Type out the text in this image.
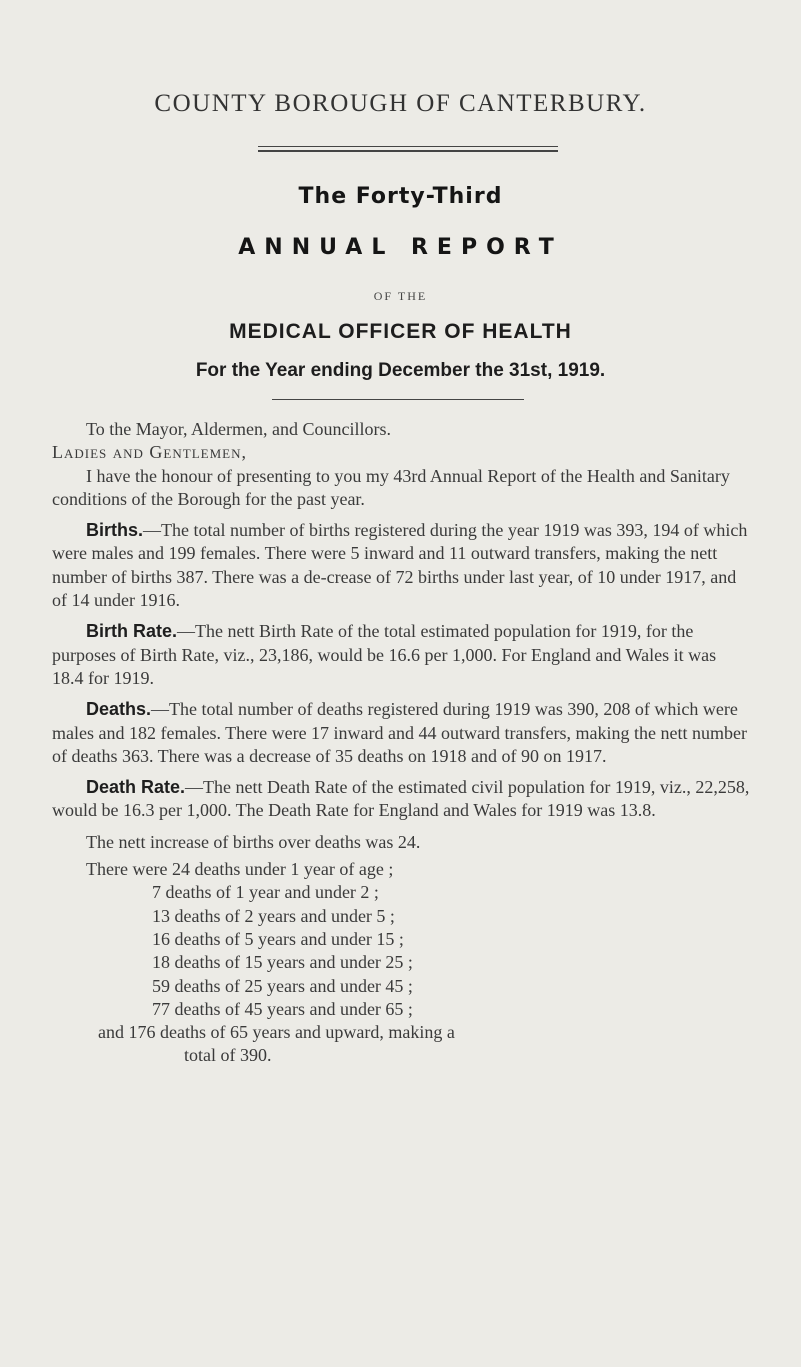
COUNTY BOROUGH OF CANTERBURY.
The Forty-Third
ANNUAL REPORT
OF THE
MEDICAL OFFICER OF HEALTH
For the Year ending December the 31st, 1919.

To the Mayor, Aldermen, and Councillors.

Ladies and Gentlemen,

I have the honour of presenting to you my 43rd Annual Report of the Health and Sanitary conditions of the Borough for the past year.

Births.—The total number of births registered during the year 1919 was 393, 194 of which were males and 199 females. There were 5 inward and 11 outward transfers, making the nett number of births 387. There was a de-crease of 72 births under last year, of 10 under 1917, and of 14 under 1916.

Birth Rate.—The nett Birth Rate of the total estimated population for 1919, for the purposes of Birth Rate, viz., 23,186, would be 16.6 per 1,000. For England and Wales it was 18.4 for 1919.

Deaths.—The total number of deaths registered during 1919 was 390, 208 of which were males and 182 females. There were 17 inward and 44 outward transfers, making the nett number of deaths 363. There was a decrease of 35 deaths on 1918 and of 90 on 1917.

Death Rate.—The nett Death Rate of the estimated civil population for 1919, viz., 22,258, would be 16.3 per 1,000. The Death Rate for England and Wales for 1919 was 13.8.

The nett increase of births over deaths was 24.

There were 24 deaths under 1 year of age ;

7 deaths of 1 year and under 2 ;
13 deaths of 2 years and under 5 ;
16 deaths of 5 years and under 15 ;
18 deaths of 15 years and under 25 ;
59 deaths of 25 years and under 45 ;
77 deaths of 45 years and under 65 ;

and 176 deaths of 65 years and upward, making a

total of 390.
